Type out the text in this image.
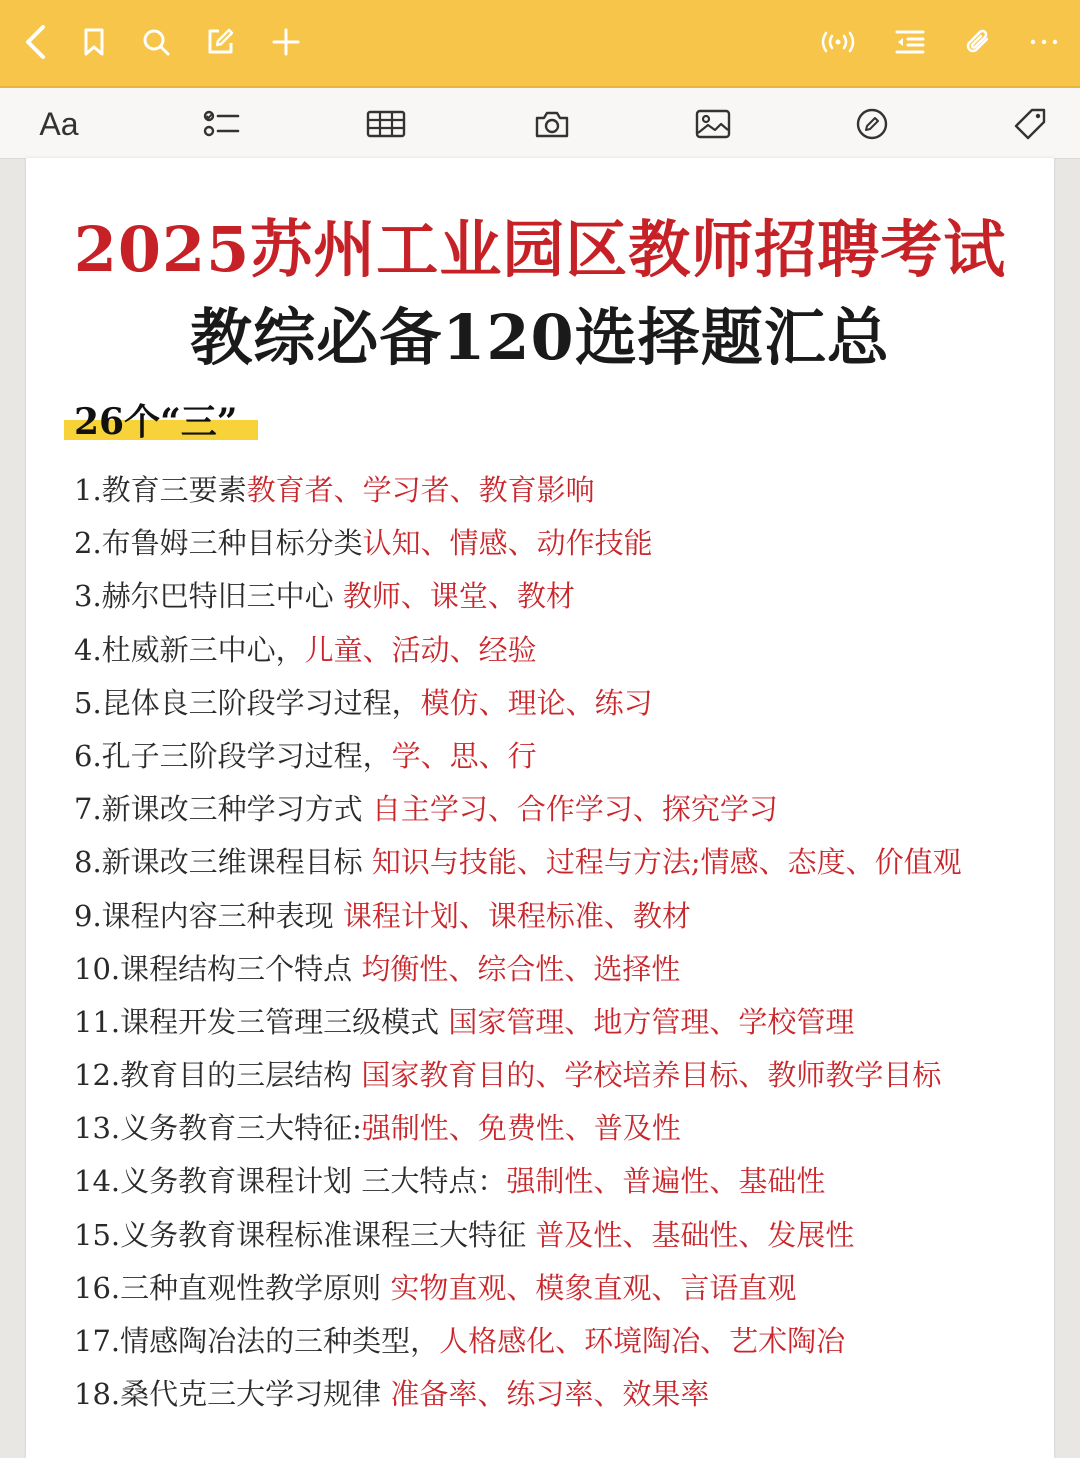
Aa
2025苏州工业园区教师招聘考试
教综必备120选择题汇总
26个“三”
1.教育三要素教育者、学习者、教育影响
2.布鲁姆三种目标分类认知、情感、动作技能
3.赫尔巴特旧三中心 教师、课堂、教材
4.杜威新三中心，儿童、活动、经验
5.昆体良三阶段学习过程，模仿、理论、练习
6.孔子三阶段学习过程，学、思、行
7.新课改三种学习方式 自主学习、合作学习、探究学习
8.新课改三维课程目标 知识与技能、过程与方法;情感、态度、价值观
9.课程内容三种表现 课程计划、课程标准、教材
10.课程结构三个特点 均衡性、综合性、选择性
11.课程开发三管理三级模式 国家管理、地方管理、学校管理
12.教育目的三层结构 国家教育目的、学校培养目标、教师教学目标
13.义务教育三大特征:强制性、免费性、普及性
14.义务教育课程计划 三大特点：强制性、普遍性、基础性
15.义务教育课程标准课程三大特征 普及性、基础性、发展性
16.三种直观性教学原则 实物直观、模象直观、言语直观
17.情感陶冶法的三种类型，人格感化、环境陶冶、艺术陶冶
18.桑代克三大学习规律 准备率、练习率、效果率
